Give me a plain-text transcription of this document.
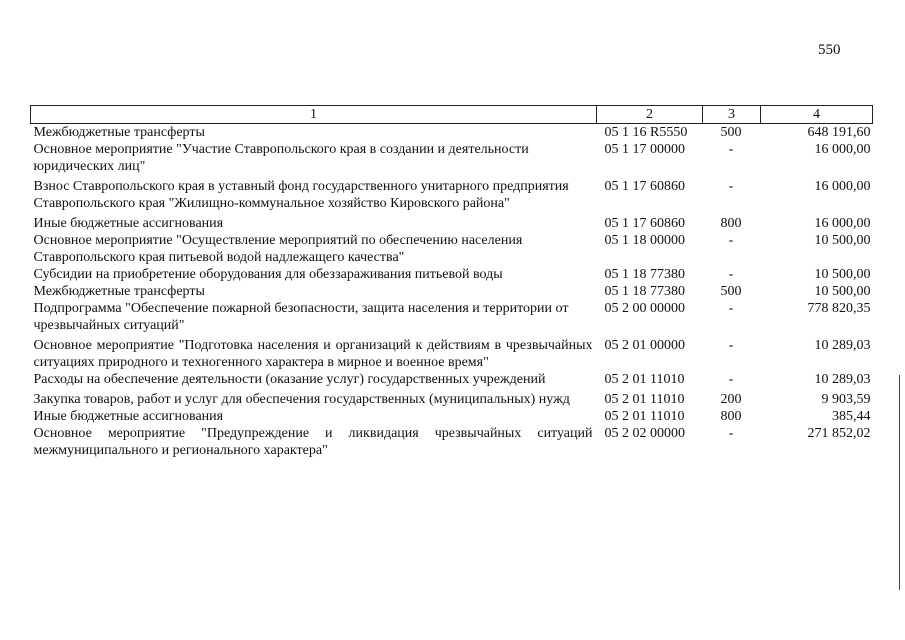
550
1	2	3	4
Межбюджетные трансферты	05 1 16 R5550	500	648 191,60
Основное мероприятие "Участие Ставропольского края в создании и деятельности юридических лиц"	05 1 17 00000	-	16 000,00
Взнос Ставропольского края в уставный фонд государственного унитарного предприятия Ставропольского края "Жилищно-коммунальное хозяйство Кировского района"	05 1 17 60860	-	16 000,00
Иные бюджетные ассигнования	05 1 17 60860	800	16 000,00
Основное мероприятие "Осуществление мероприятий по обеспечению населения Ставропольского края питьевой водой надлежащего качества"	05 1 18 00000	-	10 500,00
Субсидии на приобретение оборудования для обеззараживания питьевой воды	05 1 18 77380	-	10 500,00
Межбюджетные трансферты	05 1 18 77380	500	10 500,00
Подпрограмма "Обеспечение пожарной безопасности, защита населения и территории от чрезвычайных ситуаций"	05 2 00 00000	-	778 820,35
Основное мероприятие "Подготовка населения и организаций к действиям в чрезвычайных ситуациях природного и техногенного характера в мирное и военное время"	05 2 01 00000	-	10 289,03
Расходы на обеспечение деятельности (оказание услуг) государственных учреждений	05 2 01 11010	-	10 289,03
Закупка товаров, работ и услуг для обеспечения государственных (муниципальных) нужд	05 2 01 11010	200	9 903,59
Иные бюджетные ассигнования	05 2 01 11010	800	385,44
Основное мероприятие "Предупреждение и ликвидация чрезвычайных ситуаций межмуниципального и регионального характера"	05 2 02 00000	-	271 852,02
